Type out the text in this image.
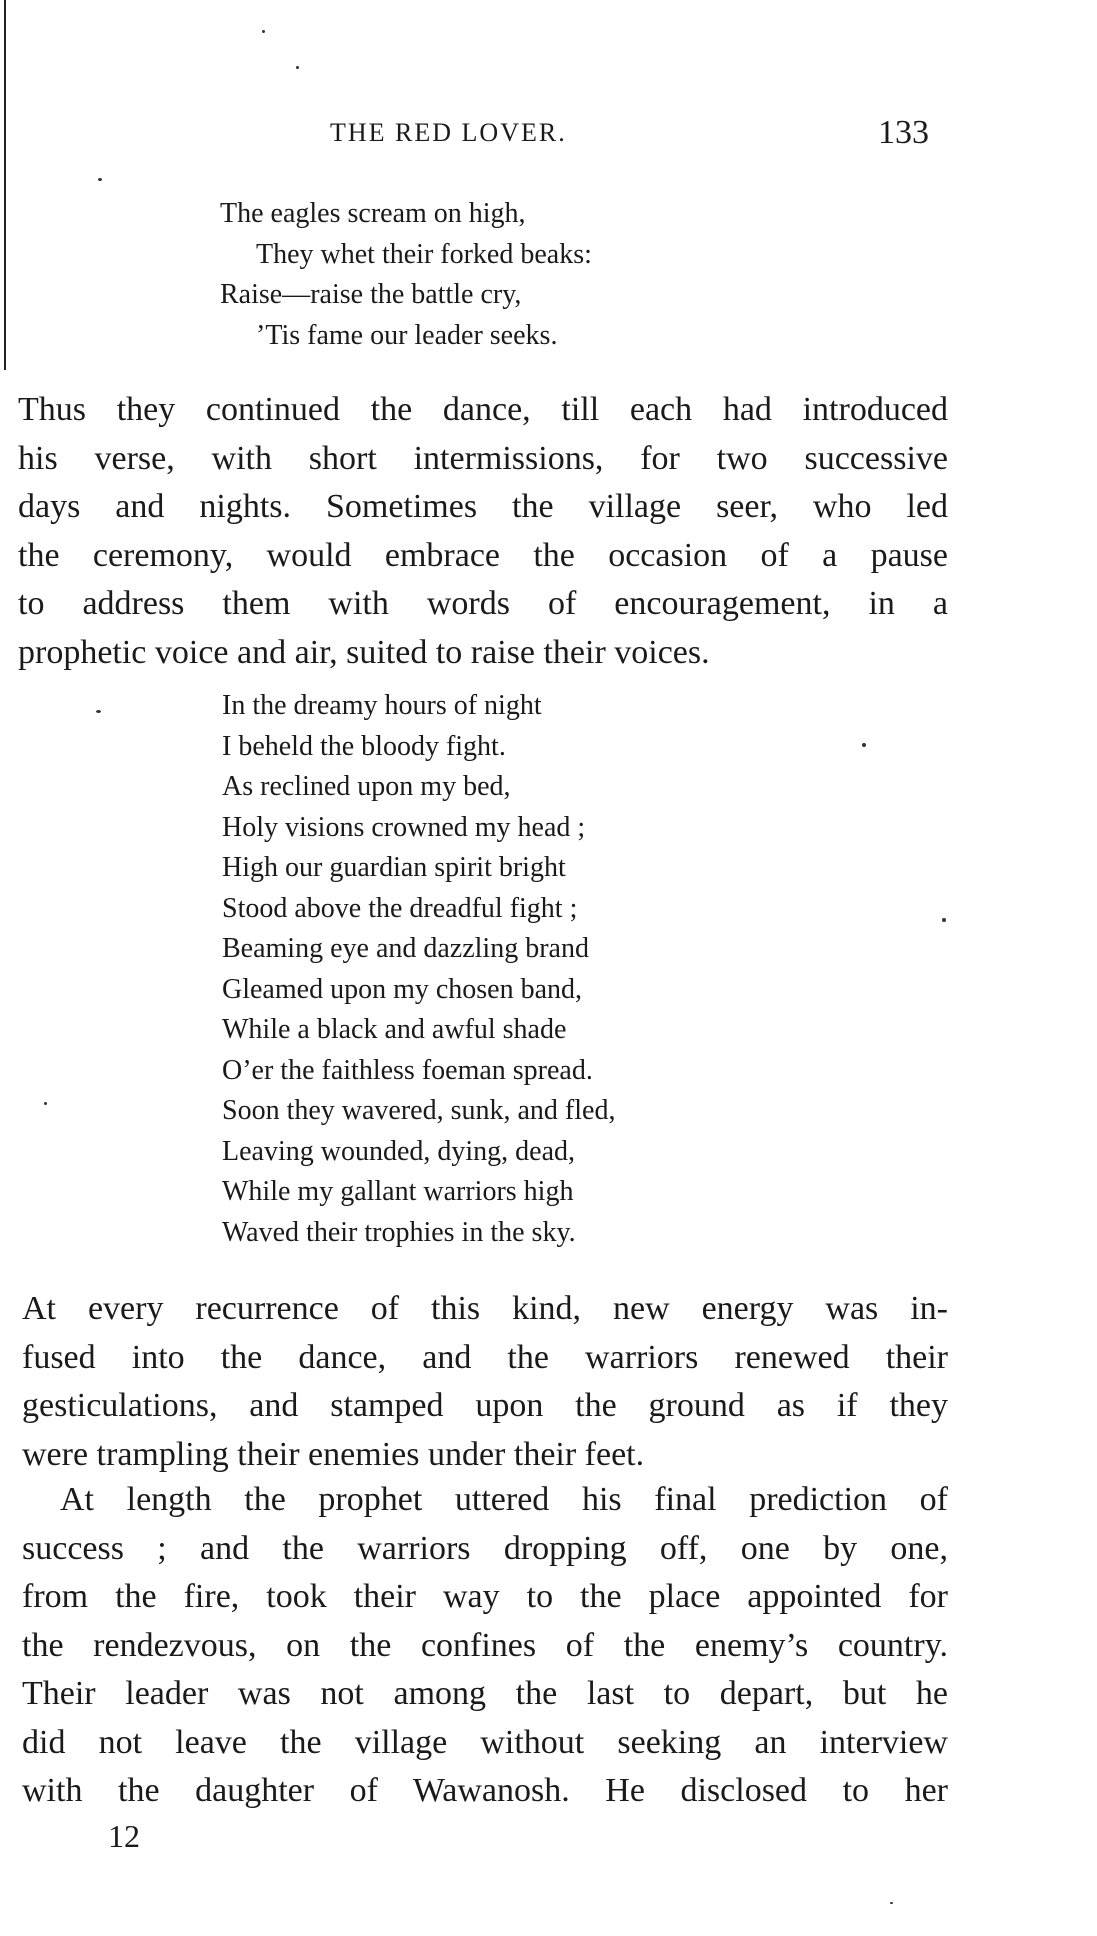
THE RED LOVER.	133
The eagles scream on high,
They whet their forked beaks:
Raise—raise the battle cry,
’Tis fame our leader seeks.
Thus they continued the dance, till each had introduced
his verse, with short intermissions, for two successive
days and nights. Sometimes the village seer, who led
the ceremony, would embrace the occasion of a pause
to address them with words of encouragement, in a
prophetic voice and air, suited to raise their voices.
In the dreamy hours of night
I beheld the bloody fight.
As reclined upon my bed,
Holy visions crowned my head ;
High our guardian spirit bright
Stood above the dreadful fight ;
Beaming eye and dazzling brand
Gleamed upon my chosen band,
While a black and awful shade
O’er the faithless foeman spread.
Soon they wavered, sunk, and fled,
Leaving wounded, dying, dead,
While my gallant warriors high
Waved their trophies in the sky.
At every recurrence of this kind, new energy was in-
fused into the dance, and the warriors renewed their
gesticulations, and stamped upon the ground as if they
were trampling their enemies under their feet.
At length the prophet uttered his final prediction of
success ; and the warriors dropping off, one by one,
from the fire, took their way to the place appointed for
the rendezvous, on the confines of the enemy’s country.
Their leader was not among the last to depart, but he
did not leave the village without seeking an interview
with the daughter of Wawanosh. He disclosed to her
12
